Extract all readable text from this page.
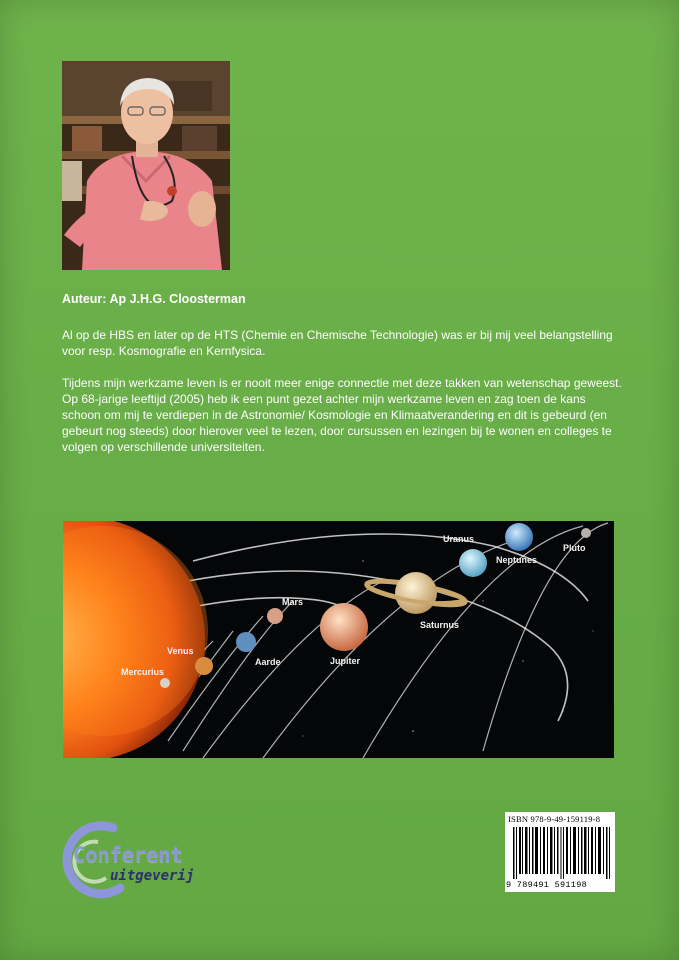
Auteur: Ap J.H.G. Cloosterman

Al op de HBS en later op de HTS (Chemie en Chemische Technologie) was er bij mij veel belangstelling voor resp. Kosmografie en Kernfysica.

Tijdens mijn werkzame leven is er nooit meer enige connectie met deze takken van wetenschap geweest. Op 68-jarige leeftijd (2005) heb ik een punt gezet achter mijn werkzame leven en zag toen de kans schoon om mij te verdiepen in de Astronomie/ Kosmologie en Klimaatverandering en dit is gebeurd (en gebeurt nog steeds) door hierover veel te lezen, door cursussen en lezingen bij te wonen en colleges te volgen op verschillende universiteiten.

Mercurius
Venus
Aarde
Mars
Jupiter
Saturnus
Uranus
Neptunes
Pluto
Conferent
uitgeverij
ISBN 978-9-49-159119-8
9 789491 591198
